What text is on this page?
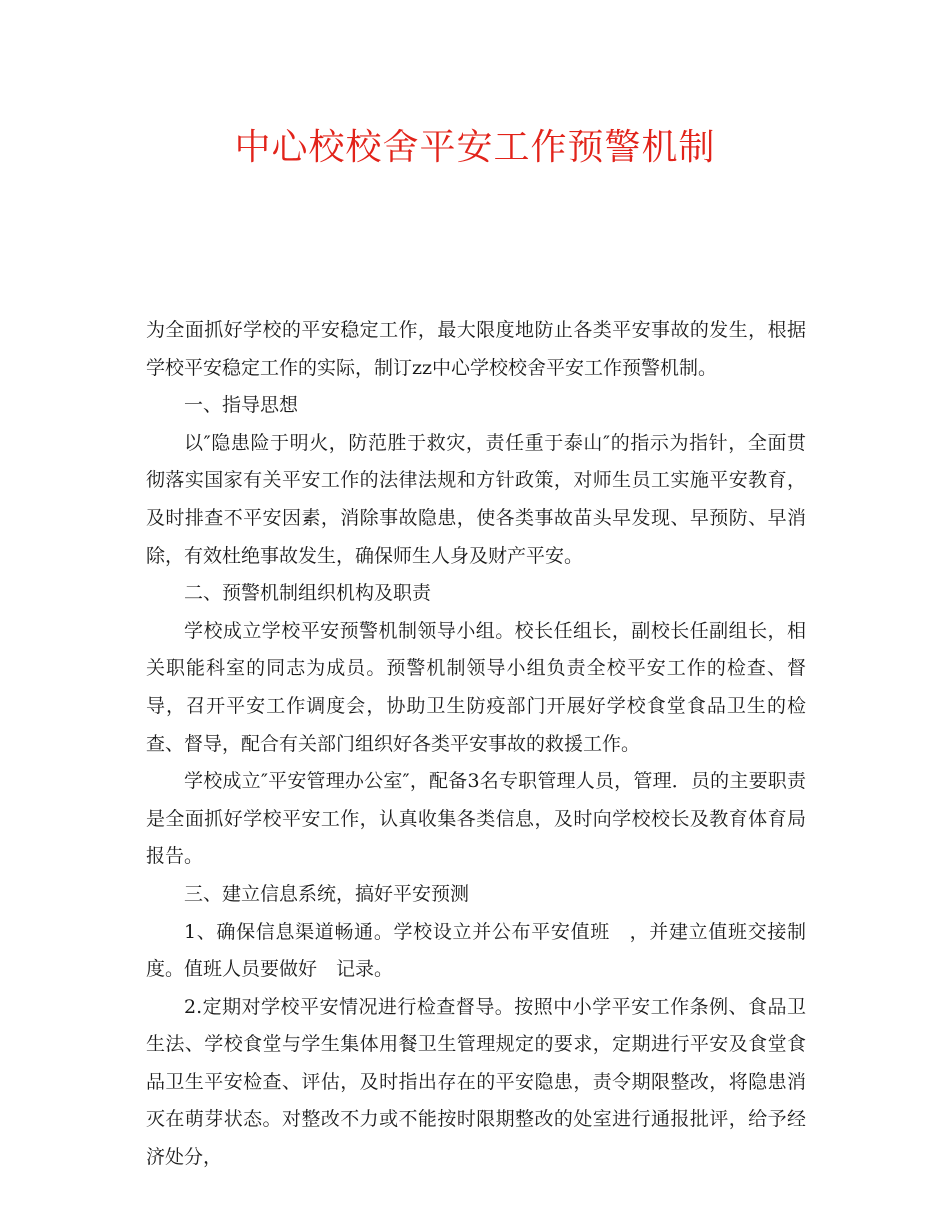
中心校校舍平安工作预警机制

为全面抓好学校的平安稳定工作，最大限度地防止各类平安事故的发生，根据学校平安稳定工作的实际，制订zz中心学校校舍平安工作预警机制。

一、指导思想

以″隐患险于明火，防范胜于救灾，责任重于泰山″的指示为指针，全面贯彻落实国家有关平安工作的法律法规和方针政策，对师生员工实施平安教育，及时排查不平安因素，消除事故隐患，使各类事故苗头早发现、早预防、早消除，有效杜绝事故发生，确保师生人身及财产平安。

二、预警机制组织机构及职责

学校成立学校平安预警机制领导小组。校长任组长，副校长任副组长，相关职能科室的同志为成员。预警机制领导小组负责全校平安工作的检查、督导，召开平安工作调度会，协助卫生防疫部门开展好学校食堂食品卫生的检查、督导，配合有关部门组织好各类平安事故的救援工作。

学校成立″平安管理办公室″，配备3名专职管理人员，管理．员的主要职责是全面抓好学校平安工作，认真收集各类信息，及时向学校校长及教育体育局报告。

三、建立信息系统，搞好平安预测

1、确保信息渠道畅通。学校设立并公布平安值班　，并建立值班交接制度。值班人员要做好　记录。

2.定期对学校平安情况进行检查督导。按照中小学平安工作条例、食品卫生法、学校食堂与学生集体用餐卫生管理规定的要求，定期进行平安及食堂食品卫生平安检查、评估，及时指出存在的平安隐患，责令期限整改，将隐患消灭在萌芽状态。对整改不力或不能按时限期整改的处室进行通报批评，给予经济处分，
